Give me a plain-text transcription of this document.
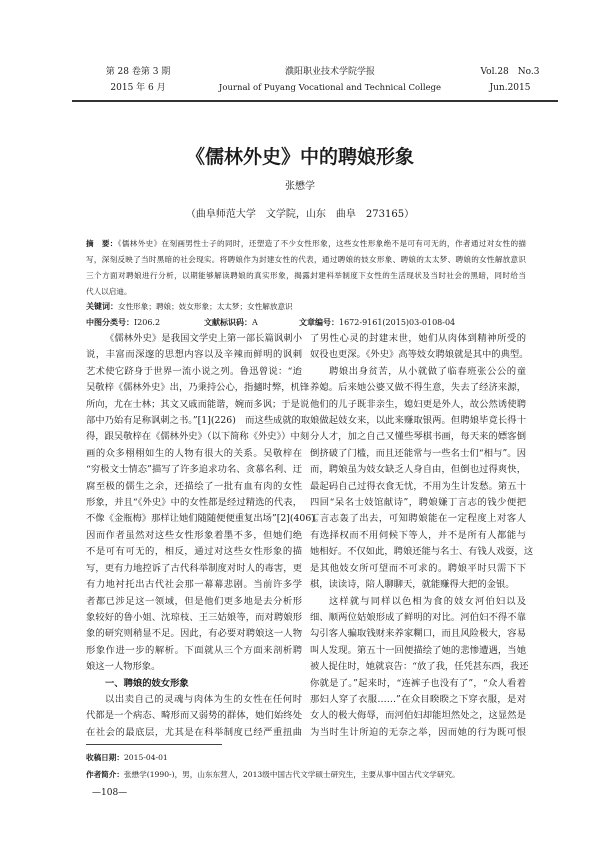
第 28 卷第 3 期
2015 年 6 月
濮阳职业技术学院学报
Journal of Puyang Vocational and Technical College
Vol.28　No.3
Jun.2015
《儒林外史》中的聘娘形象
张懋学
（曲阜师范大学　文学院，山东　曲阜　273165）
摘　要：《儒林外史》在刻画男性士子的同时，还塑造了不少女性形象，这些女性形象绝不是可有可无的，作者通过对女性的描
写，深刻反映了当时黑暗的社会现实。将聘娘作为封建女性的代表，通过聘娘的妓女形象、聘娘的太太梦、聘娘的女性解放意识
三个方面对聘娘进行分析，以期能够解读聘娘的真实形象，揭露封建科举制度下女性的生活现状及当时社会的黑暗，同时给当
代人以启迪。
关键词：女性形象；聘娘；妓女形象；太太梦；女性解放意识
中图分类号：I206.2	文献标识码：A	文章编号：1672-9161(2015)03-0108-04
《儒林外史》是我国文学史上第一部长篇讽刺小
说，丰富而深邃的思想内容以及辛辣而鲜明的讽刺
艺术使它跻身于世界一流小说之列。鲁迅曾说：“迨
吴敬梓《儒林外史》出，乃秉持公心，指擿时弊，机锋
所向，尤在士林；其文又戚而能谐，婉而多讽；于是说
部中乃始有足称讽刺之书。”[1](226)　而这些成就的取
得，跟吴敬梓在《儒林外史》（以下简称《外史》）中刻
画的众多栩栩如生的人物有很大的关系。吴敬梓在
“穷极文士情态”描写了许多追求功名、贪慕名利、迂
腐至极的儒生之余，还描绘了一批有血有肉的女性
形象，并且“《外史》中的女性都是经过精选的代表，
不像《金瓶梅》那样让她们随随便便重复出场”[2](406)。
因而作者虽然对这些女性形象着墨不多，但她们绝
不是可有可无的，相反，通过对这些女性形象的描
写，更有力地控诉了古代科举制度对时人的毒害，更
有力地衬托出古代社会那一幕幕悲剧。当前许多学
者都已涉足这一领域，但是他们更多地是去分析形
象较好的鲁小姐、沈琼枝、王三姑娘等，而对聘娘形
象的研究则稍显不足。因此，有必要对聘娘这一人物
形象作进一步的解析。下面就从三个方面来剖析聘
娘这一人物形象。
一、聘娘的妓女形象
以出卖自己的灵魂与肉体为生的女性在任何时
代都是一个病态、畸形而又弱势的群体，她们始终处
在社会的最底层，尤其是在科举制度已经严重扭曲
了男性心灵的封建末世，她们从肉体到精神所受的
奴役也更深。《外史》高等妓女聘娘就是其中的典型。
聘娘出身贫苦，从小就做了临春班张公公的童
养媳。后来她公婆又做不得生意，失去了经济来源，
他们的儿子既非亲生，媳妇更是外人，故公然诱使聘
娘做起妓女来，以此来赚取银两。但聘娘毕竟长得十
分人才，加之自己又懂些琴棋书画，每天来的嫖客倒
倒挤破了门槛，而且还能常与一些名士们“相与”。因
而，聘娘虽为妓女缺乏人身自由，但倒也过得爽快，
最起码自己过得衣食无忧，不用为生计发愁。第五十
四回“呆名士妓馆献诗”，聘娘嫌丁言志的钱少便把
丁言志轰了出去，可知聘娘能在一定程度上对客人
有选择权而不用伺候下等人，并不是所有人都能与
她相好。不仅如此，聘娘还能与名士、有钱人戏耍，这
是其他妓女所可望而不可求的。聘娘平时只需下下
棋，读读诗，陪人聊聊天，就能赚得大把的金银。
这样就与同样以色相为食的妓女河伯妇以及
细、顺两位姑娘形成了鲜明的对比。河伯妇不得不靠
勾引客人骗取钱财来养家糊口，而且风险极大，容易
叫人发现。第五十一回便描绘了她的悲惨遭遇，当她
被人捉住时，她就哀告：“放了我，任凭甚东西，我还
你就是了。”起来时，“连裤子也没有了”，“众人看着
那妇人穿了衣服……”在众目睽睽之下穿衣服，是对
女人的极大侮辱，而河伯妇却能坦然处之，这显然是
为当时生计所迫的无奈之举，因而她的行为既可恨
收稿日期：2015-04-01
作者简介：张懋学(1990-)，男，山东东营人，2013级中国古代文学硕士研究生，主要从事中国古代文学研究。
—108—
